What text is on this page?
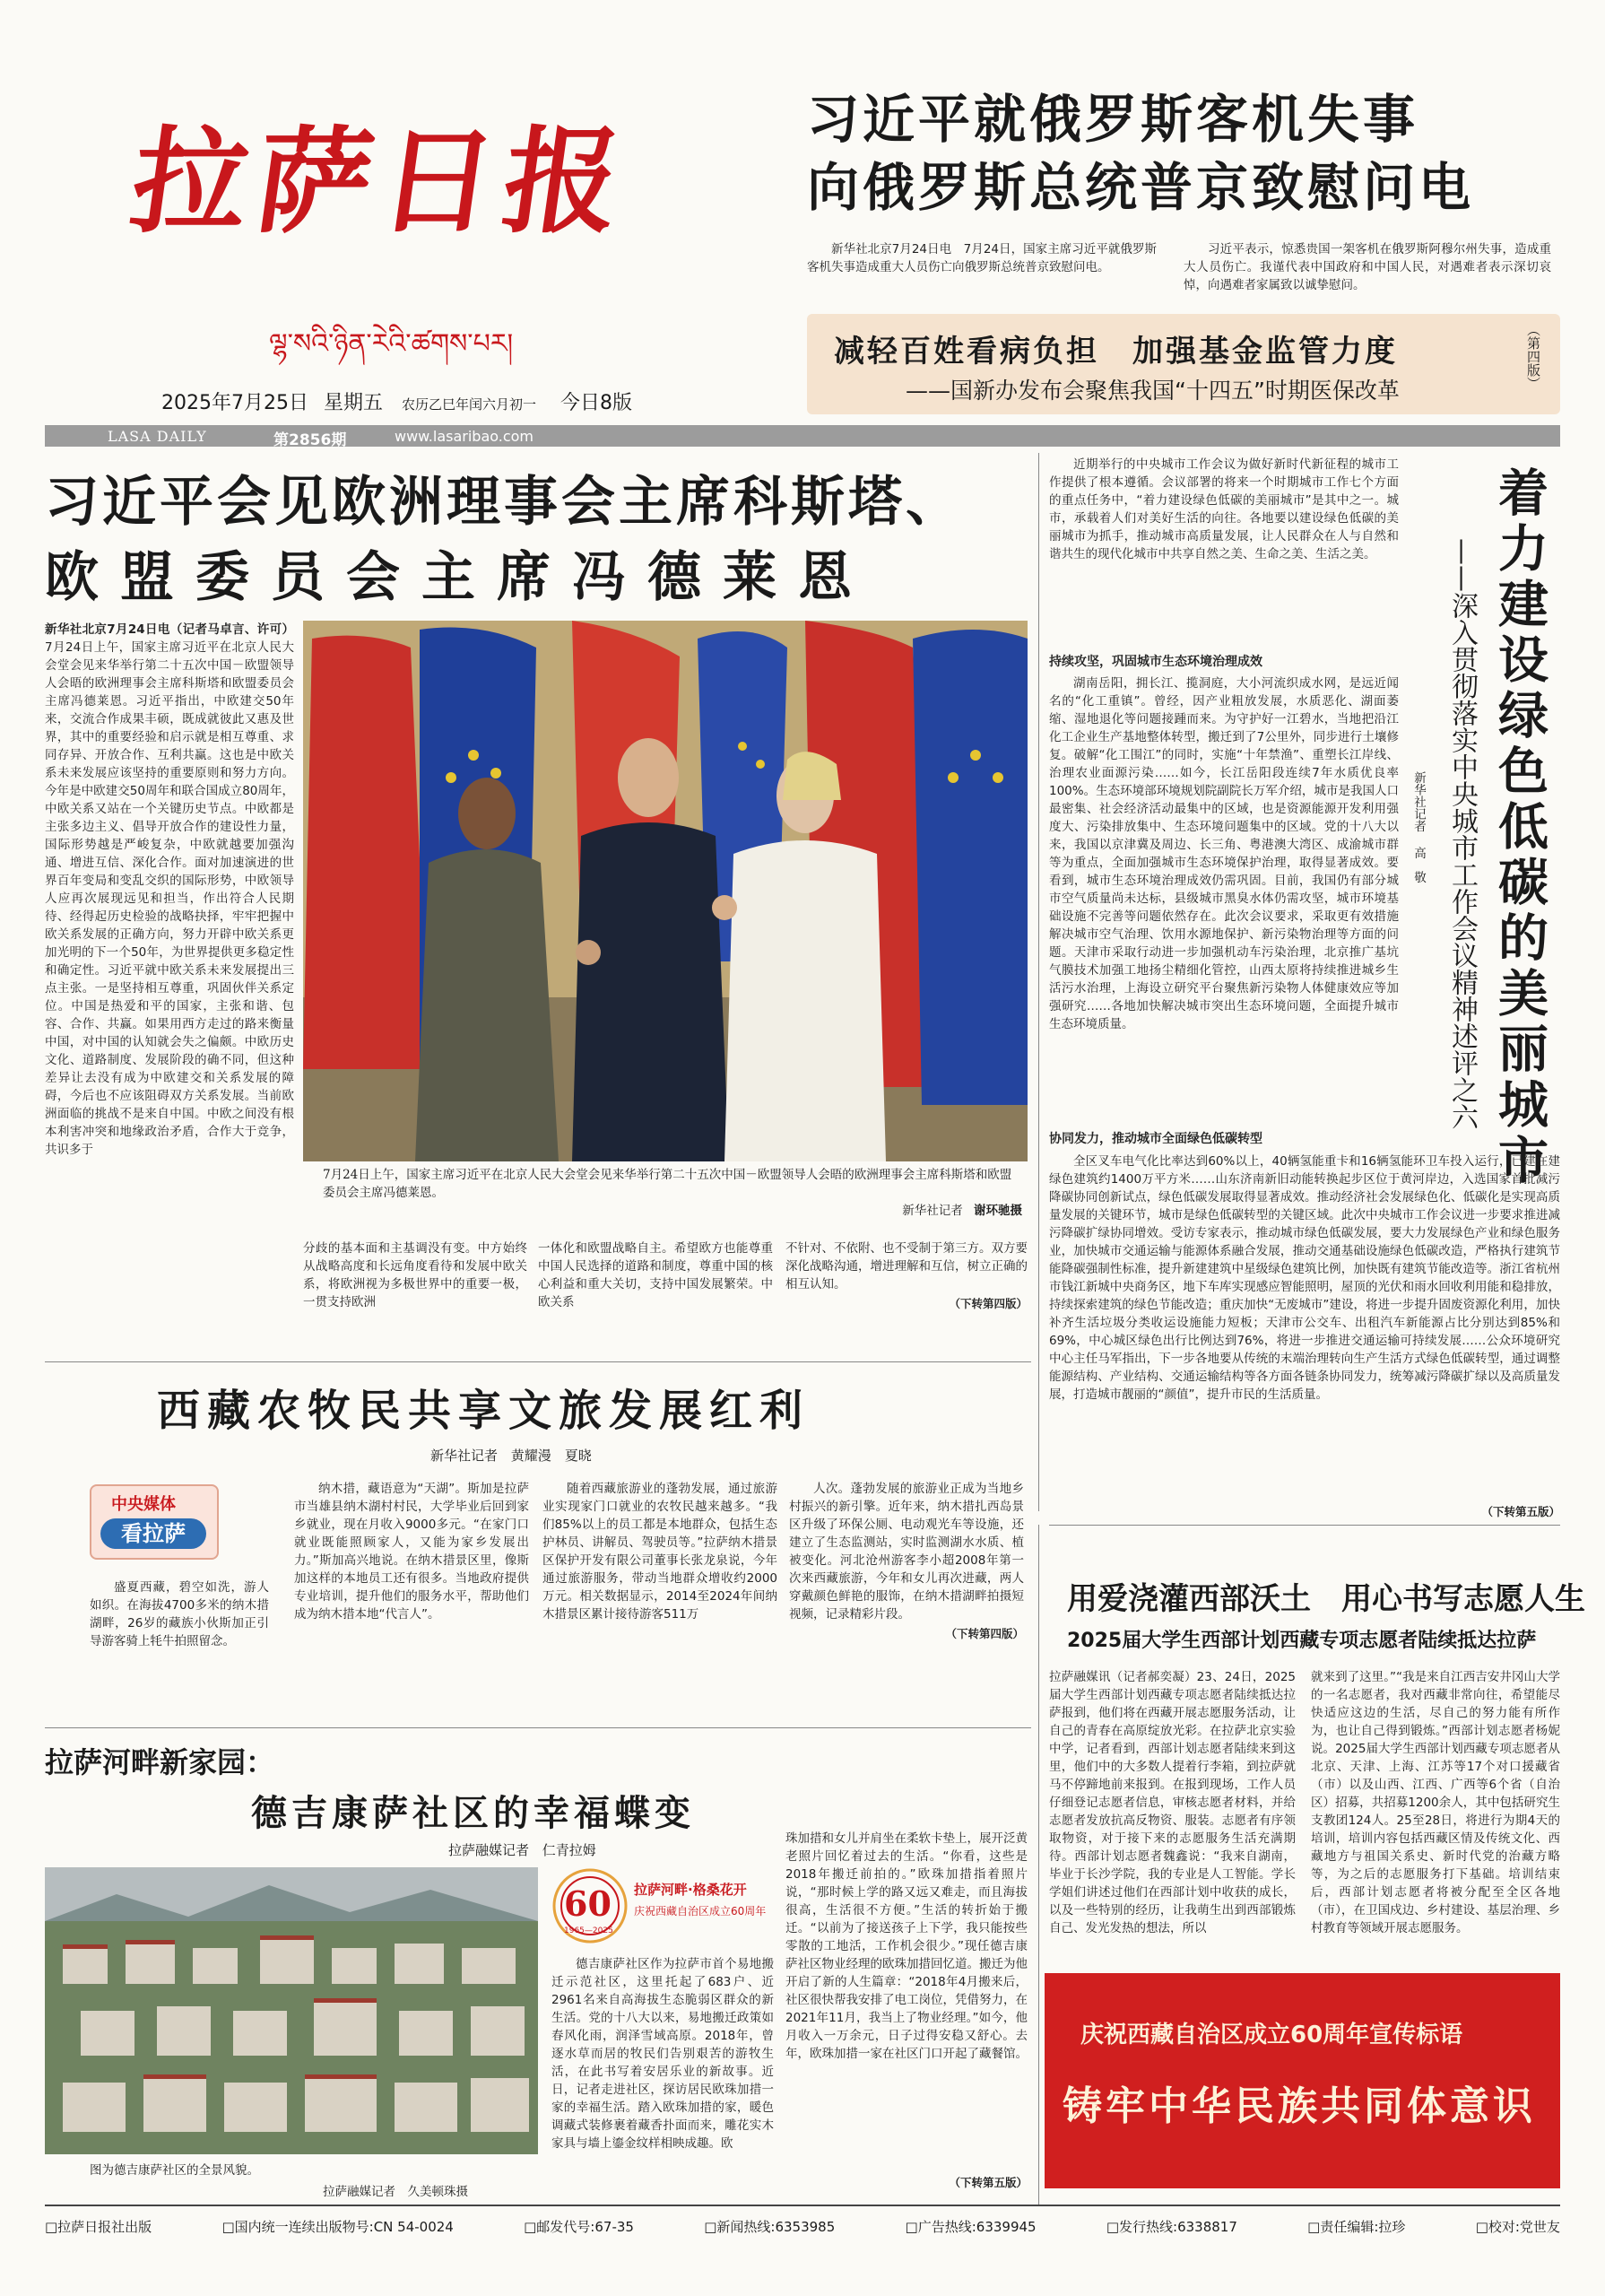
拉萨日报
ལྷ་སའི་ཉིན་རེའི་ཚགས་པར།
2025年7月25日 星期五 农历乙巳年闰六月初一 今日8版
LASA DAILY	第2856期	www.lasaribao.com
习近平就俄罗斯客机失事
向俄罗斯总统普京致慰问电

新华社北京7月24日电　7月24日，国家主席习近平就俄罗斯客机失事造成重大人员伤亡向俄罗斯总统普京致慰问电。

习近平表示，惊悉贵国一架客机在俄罗斯阿穆尔州失事，造成重大人员伤亡。我谨代表中国政府和中国人民，对遇难者表示深切哀悼，向遇难者家属致以诚挚慰问。

减轻百姓看病负担　加强基金监管力度
——国新办发布会聚焦我国“十四五”时期医保改革
（第四版）
习近平会见欧洲理事会主席科斯塔、
欧盟委员会主席冯德莱恩

新华社北京7月24日电（记者马卓言、许可）7月24日上午，国家主席习近平在北京人民大会堂会见来华举行第二十五次中国－欧盟领导人会晤的欧洲理事会主席科斯塔和欧盟委员会主席冯德莱恩。习近平指出，中欧建交50年来，交流合作成果丰硕，既成就彼此又惠及世界，其中的重要经验和启示就是相互尊重、求同存异、开放合作、互利共赢。这也是中欧关系未来发展应该坚持的重要原则和努力方向。今年是中欧建交50周年和联合国成立80周年，中欧关系又站在一个关键历史节点。中欧都是主张多边主义、倡导开放合作的建设性力量，国际形势越是严峻复杂，中欧就越要加强沟通、增进互信、深化合作。面对加速演进的世界百年变局和变乱交织的国际形势，中欧领导人应再次展现远见和担当，作出符合人民期待、经得起历史检验的战略抉择，牢牢把握中欧关系发展的正确方向，努力开辟中欧关系更加光明的下一个50年，为世界提供更多稳定性和确定性。习近平就中欧关系未来发展提出三点主张。一是坚持相互尊重，巩固伙伴关系定位。中国是热爱和平的国家，主张和谐、包容、合作、共赢。如果用西方走过的路来衡量中国，对中国的认知就会失之偏颇。中欧历史文化、道路制度、发展阶段的确不同，但这种差异让去没有成为中欧建交和关系发展的障碍，今后也不应该阻碍双方关系发展。当前欧洲面临的挑战不是来自中国。中欧之间没有根本利害冲突和地缘政治矛盾，合作大于竞争，共识多于

7月24日上午，国家主席习近平在北京人民大会堂会见来华举行第二十五次中国－欧盟领导人会晤的欧洲理事会主席科斯塔和欧盟委员会主席冯德莱恩。
新华社记者 谢环驰摄

分歧的基本面和主基调没有变。中方始终从战略高度和长远角度看待和发展中欧关系，将欧洲视为多极世界中的重要一极，一贯支持欧洲

一体化和欧盟战略自主。希望欧方也能尊重中国人民选择的道路和制度，尊重中国的核心利益和重大关切，支持中国发展繁荣。中欧关系

不针对、不依附、也不受制于第三方。双方要深化战略沟通，增进理解和互信，树立正确的相互认知。

（下转第四版）

近期举行的中央城市工作会议为做好新时代新征程的城市工作提供了根本遵循。会议部署的将来一个时期城市工作七个方面的重点任务中，“着力建设绿色低碳的美丽城市”是其中之一。城市，承载着人们对美好生活的向往。各地要以建设绿色低碳的美丽城市为抓手，推动城市高质量发展，让人民群众在人与自然和谐共生的现代化城市中共享自然之美、生命之美、生活之美。	着力建设绿色低碳的美丽城市
——深入贯彻落实中央城市工作会议精神述评之六
新华社记者 高　敬
持续攻坚，巩固城市生态环境治理成效

湖南岳阳，拥长江、揽洞庭，大小河流织成水网，是远近闻名的“化工重镇”。曾经，因产业粗放发展，水质恶化、湖面萎缩、湿地退化等问题接踵而来。为守护好一江碧水，当地把沿江化工企业生产基地整体转型，搬迁到了7公里外，同步进行土壤修复。破解“化工围江”的同时，实施“十年禁渔”、重塑长江岸线、治理农业面源污染……如今，长江岳阳段连续7年水质优良率100%。生态环境部环境规划院副院长万军介绍，城市是我国人口最密集、社会经济活动最集中的区域，也是资源能源开发利用强度大、污染排放集中、生态环境问题集中的区域。党的十八大以来，我国以京津冀及周边、长三角、粤港澳大湾区、成渝城市群等为重点，全面加强城市生态环境保护治理，取得显著成效。要看到，城市生态环境治理成效仍需巩固。目前，我国仍有部分城市空气质量尚未达标，县级城市黑臭水体仍需攻坚，城市环境基础设施不完善等问题依然存在。此次会议要求，采取更有效措施解决城市空气治理、饮用水源地保护、新污染物治理等方面的问题。天津市采取行动进一步加强机动车污染治理，北京推广基坑气膜技术加强工地扬尘精细化管控，山西太原将持续推进城乡生活污水治理，上海设立研究平台聚焦新污染物人体健康效应等加强研究……各地加快解决城市突出生态环境问题，全面提升城市生态环境质量。

协同发力，推动城市全面绿色低碳转型

全区叉车电气化比率达到60%以上，40辆氢能重卡和16辆氢能环卫车投入运行，已建在建绿色建筑约1400万平方米……山东济南新旧动能转换起步区位于黄河岸边，入选国家首批减污降碳协同创新试点，绿色低碳发展取得显著成效。推动经济社会发展绿色化、低碳化是实现高质量发展的关键环节，城市是绿色低碳转型的关键区域。此次中央城市工作会议进一步要求推进减污降碳扩绿协同增效。受访专家表示，推动城市绿色低碳发展，要大力发展绿色产业和绿色服务业，加快城市交通运输与能源体系融合发展，推动交通基础设施绿色低碳改造，严格执行建筑节能降碳强制性标准，提升新建建筑中星级绿色建筑比例，加快既有建筑节能改造等。浙江省杭州市钱江新城中央商务区，地下车库实现感应智能照明，屋顶的光伏和雨水回收利用能和稳排放，持续探索建筑的绿色节能改造；重庆加快“无废城市”建设，将进一步提升固废资源化利用，加快补齐生活垃圾分类收运设施能力短板；天津市公交车、出租汽车新能源占比分别达到85%和69%，中心城区绿色出行比例达到76%，将进一步推进交通运输可持续发展……公众环境研究中心主任马军指出，下一步各地要从传统的末端治理转向生产生活方式绿色低碳转型，通过调整能源结构、产业结构、交通运输结构等各方面各链条协同发力，统筹减污降碳扩绿以及高质量发展，打造城市靓丽的“颜值”，提升市民的生活质量。

（下转第五版）
西藏农牧民共享文旅发展红利
新华社记者 黄耀漫　夏晓
中央媒体
看拉萨

盛夏西藏，碧空如洗，游人如织。在海拔4700多米的纳木措湖畔，26岁的藏族小伙斯加正引导游客骑上牦牛拍照留念。

纳木措，藏语意为“天湖”。斯加是拉萨市当雄县纳木湖村村民，大学毕业后回到家乡就业，现在月收入9000多元。“在家门口就业既能照顾家人，又能为家乡发展出力。”斯加高兴地说。在纳木措景区里，像斯加这样的本地员工还有很多。当地政府提供专业培训，提升他们的服务水平，帮助他们成为纳木措本地“代言人”。

随着西藏旅游业的蓬勃发展，通过旅游业实现家门口就业的农牧民越来越多。“我们85%以上的员工都是本地群众，包括生态护林员、讲解员、驾驶员等。”拉萨纳木措景区保护开发有限公司董事长张龙泉说，今年通过旅游服务，带动当地群众增收约2000万元。相关数据显示，2014至2024年间纳木措景区累计接待游客511万

人次。蓬勃发展的旅游业正成为当地乡村振兴的新引擎。近年来，纳木措扎西岛景区升级了环保公厕、电动观光车等设施，还建立了生态监测站，实时监测湖水水质、植被变化。河北沧州游客李小超2008年第一次来西藏旅游，今年和女儿再次进藏，两人穿戴颜色鲜艳的服饰，在纳木措湖畔拍摄短视频，记录精彩片段。

（下转第四版）
用爱浇灌西部沃土　用心书写志愿人生
2025届大学生西部计划西藏专项志愿者陆续抵达拉萨

拉萨融媒讯（记者郝奕凝）23、24日，2025届大学生西部计划西藏专项志愿者陆续抵达拉萨报到，他们将在西藏开展志愿服务活动，让自己的青春在高原绽放光彩。在拉萨北京实验中学，记者看到，西部计划志愿者陆续来到这里，他们中的大多数人提着行李箱，到拉萨就马不停蹄地前来报到。在报到现场，工作人员仔细登记志愿者信息，审核志愿者材料，并给志愿者发放抗高反物资、服装。志愿者有序领取物资，对于接下来的志愿服务生活充满期待。西部计划志愿者魏鑫说：“我来自湖南，毕业于长沙学院，我的专业是人工智能。学长学姐们讲述过他们在西部计划中收获的成长，以及一些特别的经历，让我萌生出到西部锻炼自己、发光发热的想法，所以

就来到了这里。”“我是来自江西吉安井冈山大学的一名志愿者，我对西藏非常向往，希望能尽快适应这边的生活，尽自己的努力能有所作为，也让自己得到锻炼。”西部计划志愿者杨妮说。2025届大学生西部计划西藏专项志愿者从北京、天津、上海、江苏等17个对口援藏省（市）以及山西、江西、广西等6个省（自治区）招募，共招募1200余人，其中包括研究生支教团124人。25至28日，将进行为期4天的培训，培训内容包括西藏区情及传统文化、西藏地方与祖国关系史、新时代党的治藏方略等，为之后的志愿服务打下基础。培训结束后，西部计划志愿者将被分配至全区各地（市），在卫国戍边、乡村建设、基层治理、乡村教育等领域开展志愿服务。

拉萨河畔新家园：
德吉康萨社区的幸福蝶变
拉萨融媒记者 仁青拉姆
图为德吉康萨社区的全景风貌。
拉萨融媒记者　久美顿珠摄
60
1965—2025
拉萨河畔·格桑花开
庆祝西藏自治区成立60周年

德吉康萨社区作为拉萨市首个易地搬迁示范社区，这里托起了683户、近2961名来自高海拔生态脆弱区群众的新生活。党的十八大以来，易地搬迁政策如春风化雨，润泽雪域高原。2018年，曾逐水草而居的牧民们告别艰苦的游牧生活，在此书写着安居乐业的新故事。近日，记者走进社区，探访居民欧珠加措一家的幸福生活。踏入欧珠加措的家，暖色调藏式装修裹着藏香扑面而来，雕花实木家具与墙上鎏金纹样相映成趣。欧

珠加措和女儿并肩坐在柔软卡垫上，展开泛黄老照片回忆着过去的生活。“你看，这些是2018年搬迁前拍的。”欧珠加措指着照片说，“那时候上学的路又远又难走，而且海拔很高，生活很不方便。”生活的转折始于搬迁。“以前为了接送孩子上下学，我只能按些零散的工地活，工作机会很少。”现任德吉康萨社区物业经理的欧珠加措回忆道。搬迁为他开启了新的人生篇章：“2018年4月搬来后，社区很快帮我安排了电工岗位，凭借努力，在2021年11月，我当上了物业经理。”如今，他月收入一万余元，日子过得安稳又舒心。去年，欧珠加措一家在社区门口开起了藏餐馆。

（下转第五版）
庆祝西藏自治区成立60周年宣传标语
铸牢中华民族共同体意识
□拉萨日报社出版	□国内统一连续出版物号:CN 54-0024	□邮发代号:67-35	□新闻热线:6353985	□广告热线:6339945	□发行热线:6338817	□责任编辑:拉珍	□校对:党世友
